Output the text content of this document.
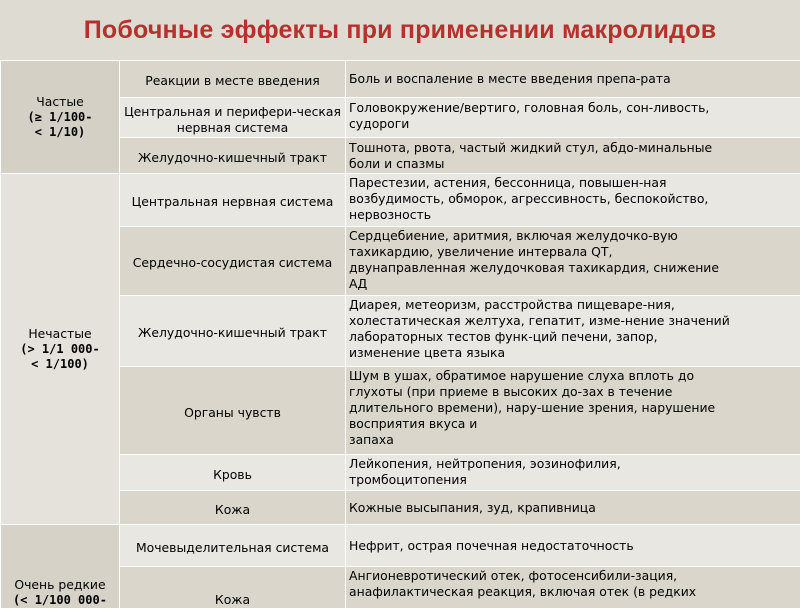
Побочные эффекты при применении макролидов
Частые
(≥ 1/100-
< 1/10)	Реакции в месте введения	Боль и воспаление в месте введения препа-рата

	Центральная и перифери-ческая нервная система	Головокружение/вертиго, головная боль, сон-ливость,
судороги

	Желудочно-кишечный тракт	Тошнота, рвота, частый жидкий стул, абдо-минальные
боли и спазмы

Нечастые
(> 1/1 000-
< 1/100)	Центральная нервная система	Парестезии, астения, бессонница, повышен-ная
возбудимость, обморок, агрессивность, беспокойство,
нервозность

	Сердечно-сосудистая система	Сердцебиение, аритмия, включая желудочко-вую
тахикардию, увеличение интервала QT,
двунаправленная желудочковая тахикардия, снижение
АД

	Желудочно-кишечный тракт	Диарея, метеоризм, расстройства пищеваре-ния,
холестатическая желтуха, гепатит, изме-нение значений
лабораторных тестов функ-ций печени, запор,
изменение цвета языка

	Органы чувств	Шум в ушах, обратимое нарушение слуха вплоть до
глухоты (при приеме в высоких до-зах в течение
длительного времени), нару-шение зрения, нарушение
восприятия вкуса и
запаха

	Кровь	Лейкопения, нейтропения, эозинофилия,
тромбоцитопения

	Кожа	Кожные высыпания, зуд, крапивница

Очень редкие
(< 1/100 000-	Мочевыделительная система	Нефрит, острая почечная недостаточность

	Кожа	Ангионевротический отек, фотосенсибили-зация,
анафилактическая реакция, включая отек (в редких
